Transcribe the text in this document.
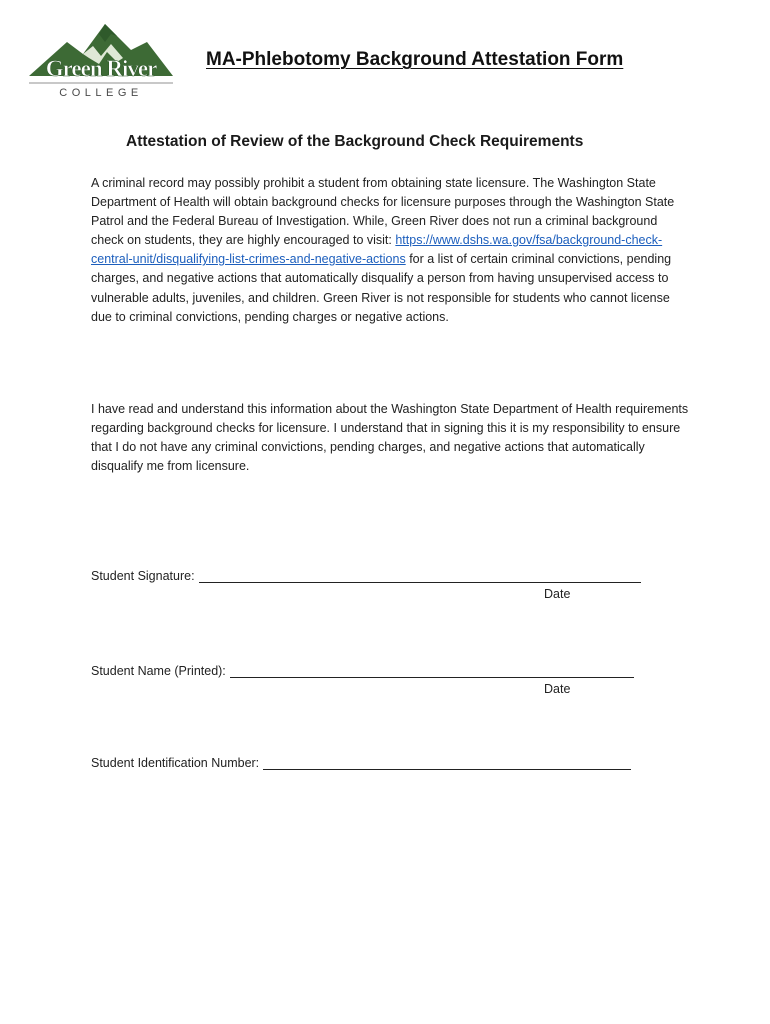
Green River
COLLEGE
MA-Phlebotomy Background Attestation Form
Attestation of Review of the Background Check Requirements
A criminal record may possibly prohibit a student from obtaining state licensure. The Washington State Department of Health will obtain background checks for licensure purposes through the Washington State Patrol and the Federal Bureau of Investigation. While, Green River does not run a criminal background check on students, they are highly encouraged to visit: https://www.dshs.wa.gov/fsa/background-check-central-unit/disqualifying-list-crimes-and-negative-actions for a list of certain criminal convictions, pending charges, and negative actions that automatically disqualify a person from having unsupervised access to vulnerable adults, juveniles, and children. Green River is not responsible for students who cannot license due to criminal convictions, pending charges or negative actions.
I have read and understand this information about the Washington State Department of Health requirements regarding background checks for licensure. I understand that in signing this it is my responsibility to ensure that I do not have any criminal convictions, pending charges, and negative actions that automatically disqualify me from licensure.
Student Signature:
Date
Student Name (Printed):
Date
Student Identification Number:
